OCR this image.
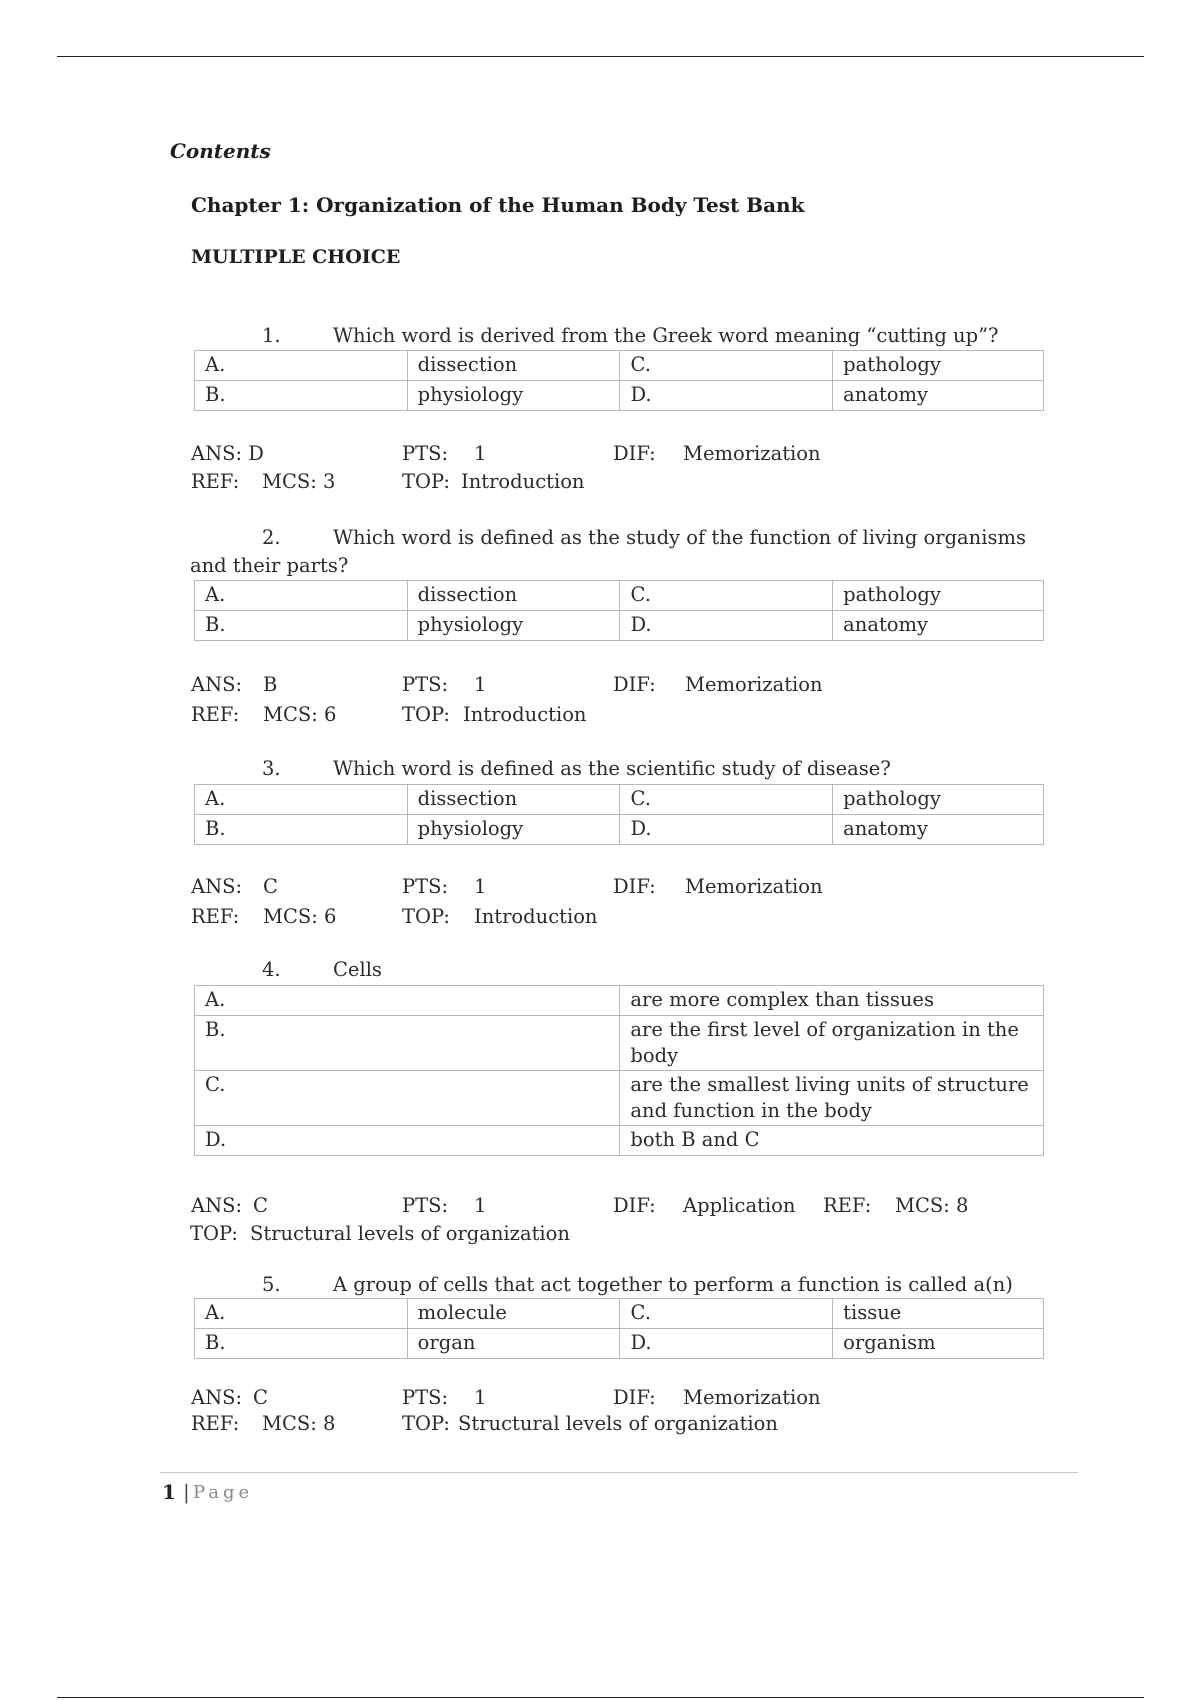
Contents
Chapter 1: Organization of the Human Body Test Bank
MULTIPLE CHOICE
1.	Which word is derived from the Greek word meaning “cutting up”?
A.	dissection	C.	pathology
B.	physiology	D.	anatomy
ANS: D	PTS: 1	DIF: Memorization
REF: MCS: 3	TOP: Introduction
2.	Which word is defined as the study of the function of living organisms
and their parts?
A.	dissection	C.	pathology
B.	physiology	D.	anatomy
ANS: B	PTS: 1	DIF: Memorization
REF: MCS: 6	TOP: Introduction
3.	Which word is defined as the scientific study of disease?
A.	dissection	C.	pathology
B.	physiology	D.	anatomy
ANS: C	PTS: 1	DIF: Memorization
REF: MCS: 6	TOP: Introduction
4.	Cells
A.	are more complex than tissues
B.	are the first level of organization in the body
C.	are the smallest living units of structure and function in the body
D.	both B and C
ANS: C	PTS: 1	DIF: Application REF: MCS: 8
TOP: Structural levels of organization
5.	A group of cells that act together to perform a function is called a(n)
A.	molecule	C.	tissue
B.	organ	D.	organism
ANS: C	PTS: 1	DIF: Memorization
REF: MCS: 8	TOP: Structural levels of organization
1 | Page
